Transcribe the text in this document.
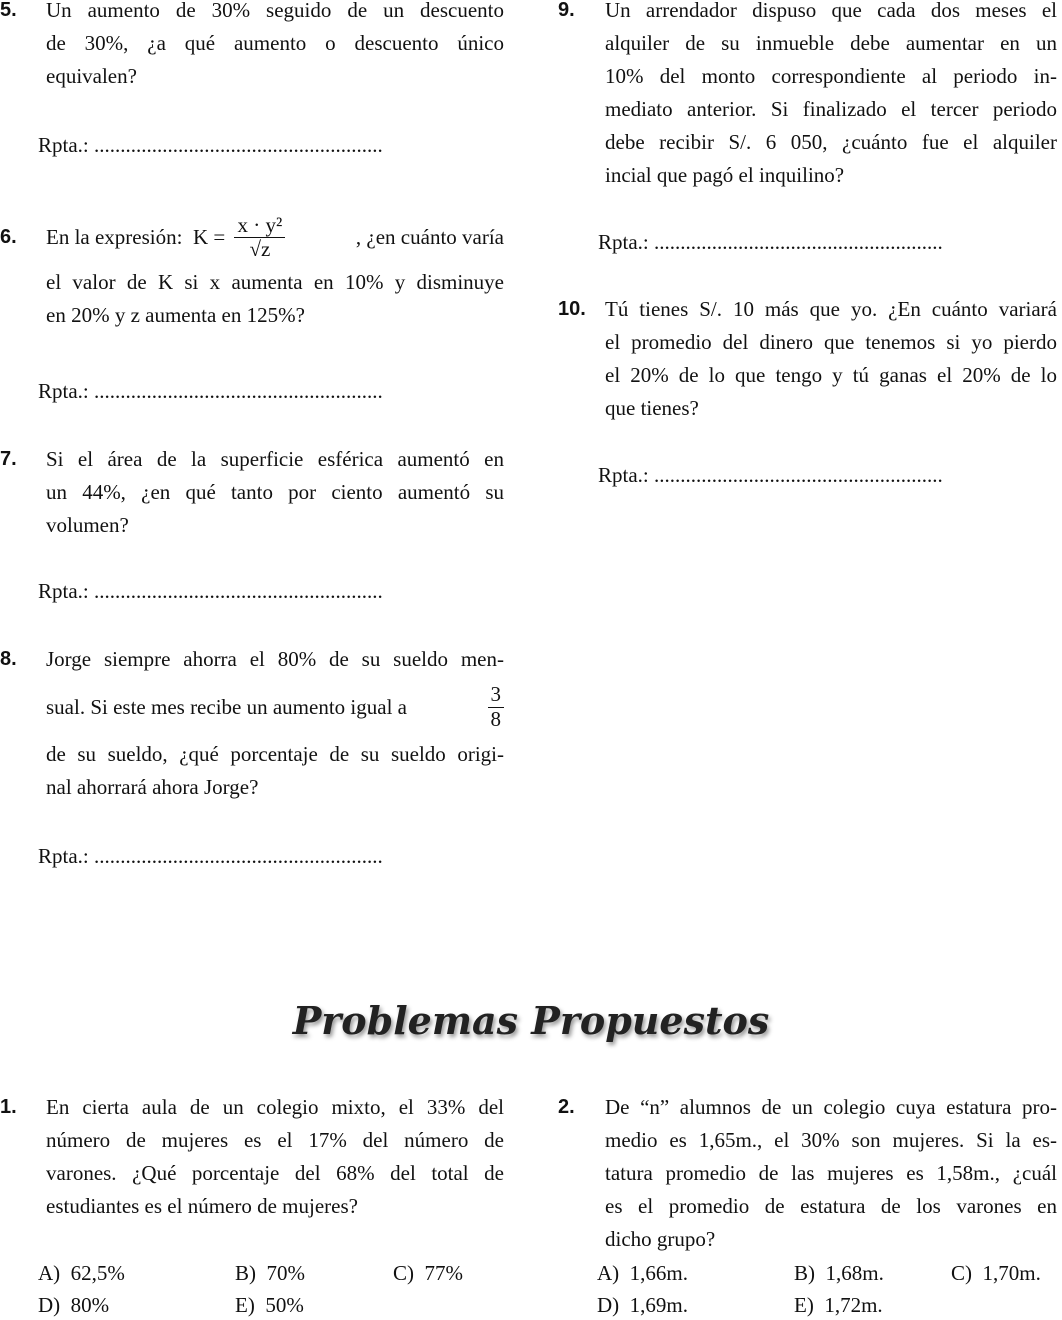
5. Un aumento de 30% seguido de un descuento
de 30%, ¿a qué aumento o descuento único
equivalen?
Rpta.: .......................................................
6. En la expresión:  $K = \frac{\text{x · y²}}{√z}$	, ¿en cuánto varía
el valor de K si x aumenta en 10% y disminuye
en 20% y z aumenta en 125%?
Rpta.: .......................................................
7. Si el área de la superficie esférica aumentó en
un 44%, ¿en qué tanto por ciento aumentó su
volumen?
Rpta.: .......................................................
8. Jorge siempre ahorra el 80% de su sueldo men-
sual. Si este mes recibe un aumento igual a	$\frac{3}{8}$
de su sueldo, ¿qué porcentaje de su sueldo origi-
nal ahorrará ahora Jorge?
Rpta.: .......................................................
9. Un arrendador dispuso que cada dos meses el
alquiler de su inmueble debe aumentar en un
10% del monto correspondiente al periodo in-
mediato anterior. Si finalizado el tercer periodo
debe recibir S/. 6 050, ¿cuánto fue el alquiler
incial que pagó el inquilino?
Rpta.: .......................................................
10. Tú tienes S/. 10 más que yo. ¿En cuánto variará
el promedio del dinero que tenemos si yo pierdo
el 20% de lo que tengo y tú ganas el 20% de lo
que tienes?
Rpta.: .......................................................
Problemas Propuestos
1. En cierta aula de un colegio mixto, el 33% del
número de mujeres es el 17% del número de
varones. ¿Qué porcentaje del 68% del total de
estudiantes es el número de mujeres?
A) 62,5%	B) 70%	C) 77%
D) 80%	E) 50%
2. De “n” alumnos de un colegio cuya estatura pro-
medio es 1,65m., el 30% son mujeres. Si la es-
tatura promedio de las mujeres es 1,58m., ¿cuál
es el promedio de estatura de los varones en
dicho grupo?
A) 1,66m.	B) 1,68m.	C) 1,70m.
D) 1,69m.	E) 1,72m.
